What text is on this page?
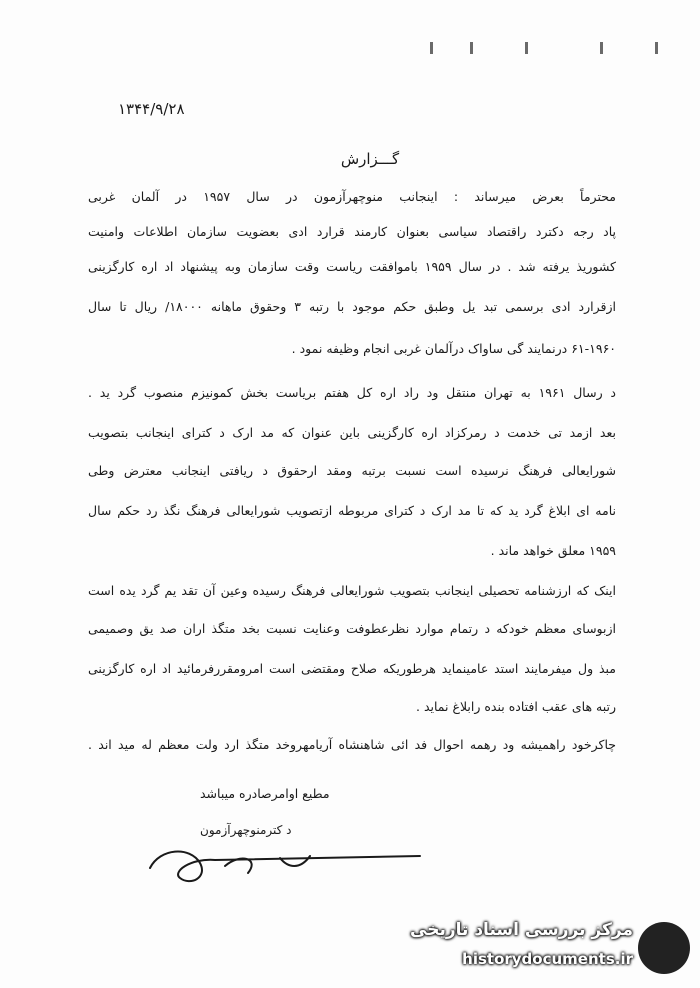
۱۳۴۴/۹/۲۸
گـــزارش
محترماً بعرض میرساند : اینجانب منوچهرآزمون در سال ۱۹۵۷ در آلمان غربی
پاد رجه دکترد راقتصاد سیاسی بعنوان کارمند قرارد ادی بعضویت سازمان اطلاعات وامنیت
کشوریذ یرفته شد . در سال ۱۹۵۹ باموافقت ریاست وقت سازمان وبه پیشنهاد اد اره کارگزینی
ازقرارد ادی برسمی تبد یل وطبق حکم موجود با رتبه ۳ وحقوق ماهانه ۱۸۰۰۰/ ریال تا سال
۶۱-۱۹۶۰ درنمایند گی ساواک درآلمان غربی انجام وظیفه نمود .
د رسال ۱۹۶۱ به تهران منتقل ود راد اره کل هفتم بریاست بخش کمونیزم منصوب گرد ید .
بعد ازمد تی خدمت د رمرکزاد اره کارگزینی باین عنوان که مد ارک د کترای اینجانب بتصویب
شورایعالی فرهنگ نرسیده است نسبت برتبه ومقد ارحقوق د ریافتی اینجانب معترض وطی
نامه ای ابلاغ گرد ید که تا مد ارک د کترای مربوطه ازتصویب شورایعالی فرهنگ نگذ رد حکم سال
۱۹۵۹ معلق خواهد ماند .
اینک که ارزشنامه تحصیلی اینجانب بتصویب شورایعالی فرهنگ رسیده وعین آن تقد یم گرد یده است
ازبوسای معظم خودکه د رتمام موارد نظرعطوفت وعنایت نسبت بخد متگذ اران صد یق وصمیمی
مبذ ول میفرمایند استد عامینماید هرطوریکه صلاح ومقتضی است امرومقررفرمائید اد اره کارگزینی
رتبه های عقب افتاده بنده رابلاغ نماید .
چاکرخود راهمیشه ود رهمه احوال فد ائی شاهنشاه آریامهروخد متگذ ارد ولت معظم له مید اند .
مطیع اوامرصادره میباشد
د کترمنوچهرآزمون
مرکز بررسی اسناد تاریخی
historydocuments.ir
